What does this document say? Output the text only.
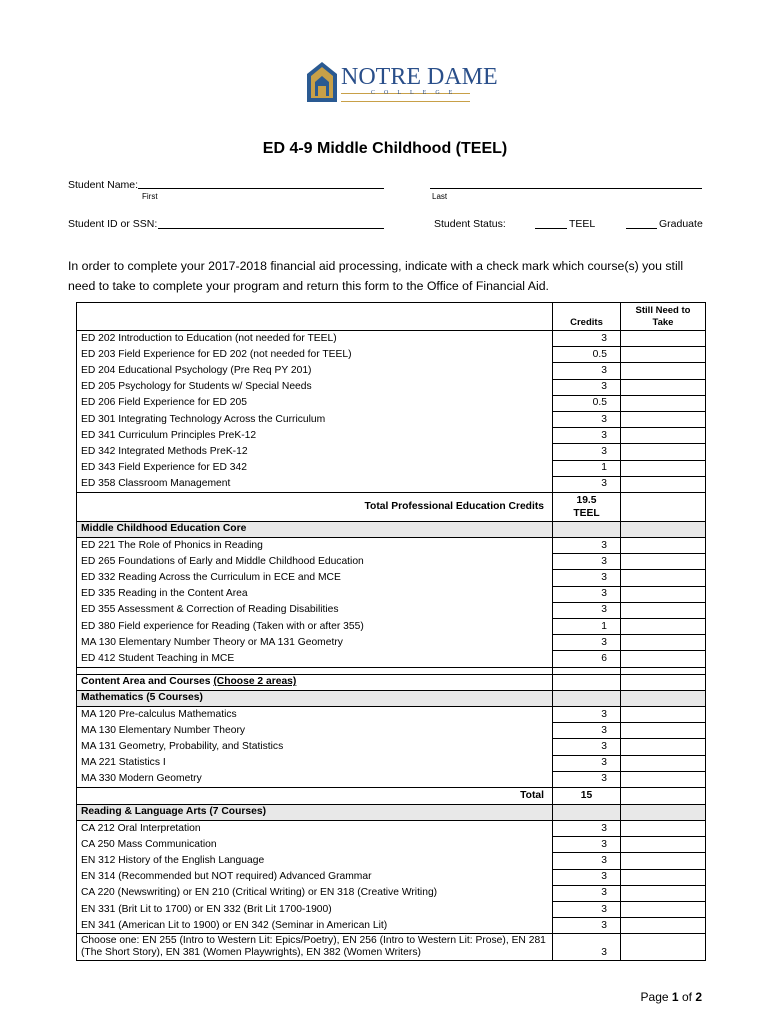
NOTRE DAME
COLLEGE
ED 4-9 Middle Childhood (TEEL)
Student Name:
First	Last
Student ID or SSN:	Student Status:	TEEL	Graduate
In order to complete your 2017-2018 financial aid processing, indicate with a check mark which course(s) you still need to take to complete your program and return this form to the Office of Financial Aid.
	Credits	Still Need to Take
ED 202 Introduction to Education (not needed for TEEL)	3	
ED 203 Field Experience for ED 202 (not needed for TEEL)	0.5	
ED 204 Educational Psychology (Pre Req PY 201)	3	
ED 205 Psychology for Students w/ Special Needs	3	
ED 206 Field Experience for ED 205	0.5	
ED 301 Integrating Technology Across the Curriculum	3	
ED 341 Curriculum Principles PreK-12	3	
ED 342 Integrated Methods PreK-12	3	
ED 343 Field Experience for ED 342	1	
ED 358 Classroom Management	3	
Total Professional Education Credits	19.5
TEEL	

Middle Childhood Education Core		
ED 221 The Role of Phonics in Reading	3	
ED 265 Foundations of Early and Middle Childhood Education	3	
ED 332 Reading Across the Curriculum in ECE and MCE	3	
ED 335 Reading in the Content Area	3	
ED 355 Assessment & Correction of Reading Disabilities	3	
ED 380 Field experience for Reading (Taken with or after 355)	1	
MA 130 Elementary Number Theory or MA 131 Geometry	3	
ED 412 Student Teaching in MCE	6	

Content Area and Courses (Choose 2 areas)		
Mathematics (5 Courses)		
MA 120 Pre-calculus Mathematics	3	
MA 130 Elementary Number Theory	3	
MA 131 Geometry, Probability, and Statistics	3	
MA 221 Statistics I	3	
MA 330 Modern Geometry	3	
Total	15	
Reading & Language Arts (7 Courses)		
CA 212 Oral Interpretation	3	
CA 250 Mass Communication	3	
EN 312 History of the English Language	3	
EN 314 (Recommended but NOT required) Advanced Grammar	3	
CA 220 (Newswriting) or EN 210 (Critical Writing) or EN 318 (Creative Writing)	3	
EN 331 (Brit Lit to 1700) or EN 332 (Brit Lit 1700-1900)	3	
EN 341 (American Lit to 1900) or EN 342 (Seminar in American Lit)	3	
Choose one: EN 255 (Intro to Western Lit: Epics/Poetry), EN 256 (Intro to Western Lit: Prose), EN 281 (The Short Story), EN 381 (Women Playwrights), EN 382 (Women Writers)	3	
Page 1 of 2
